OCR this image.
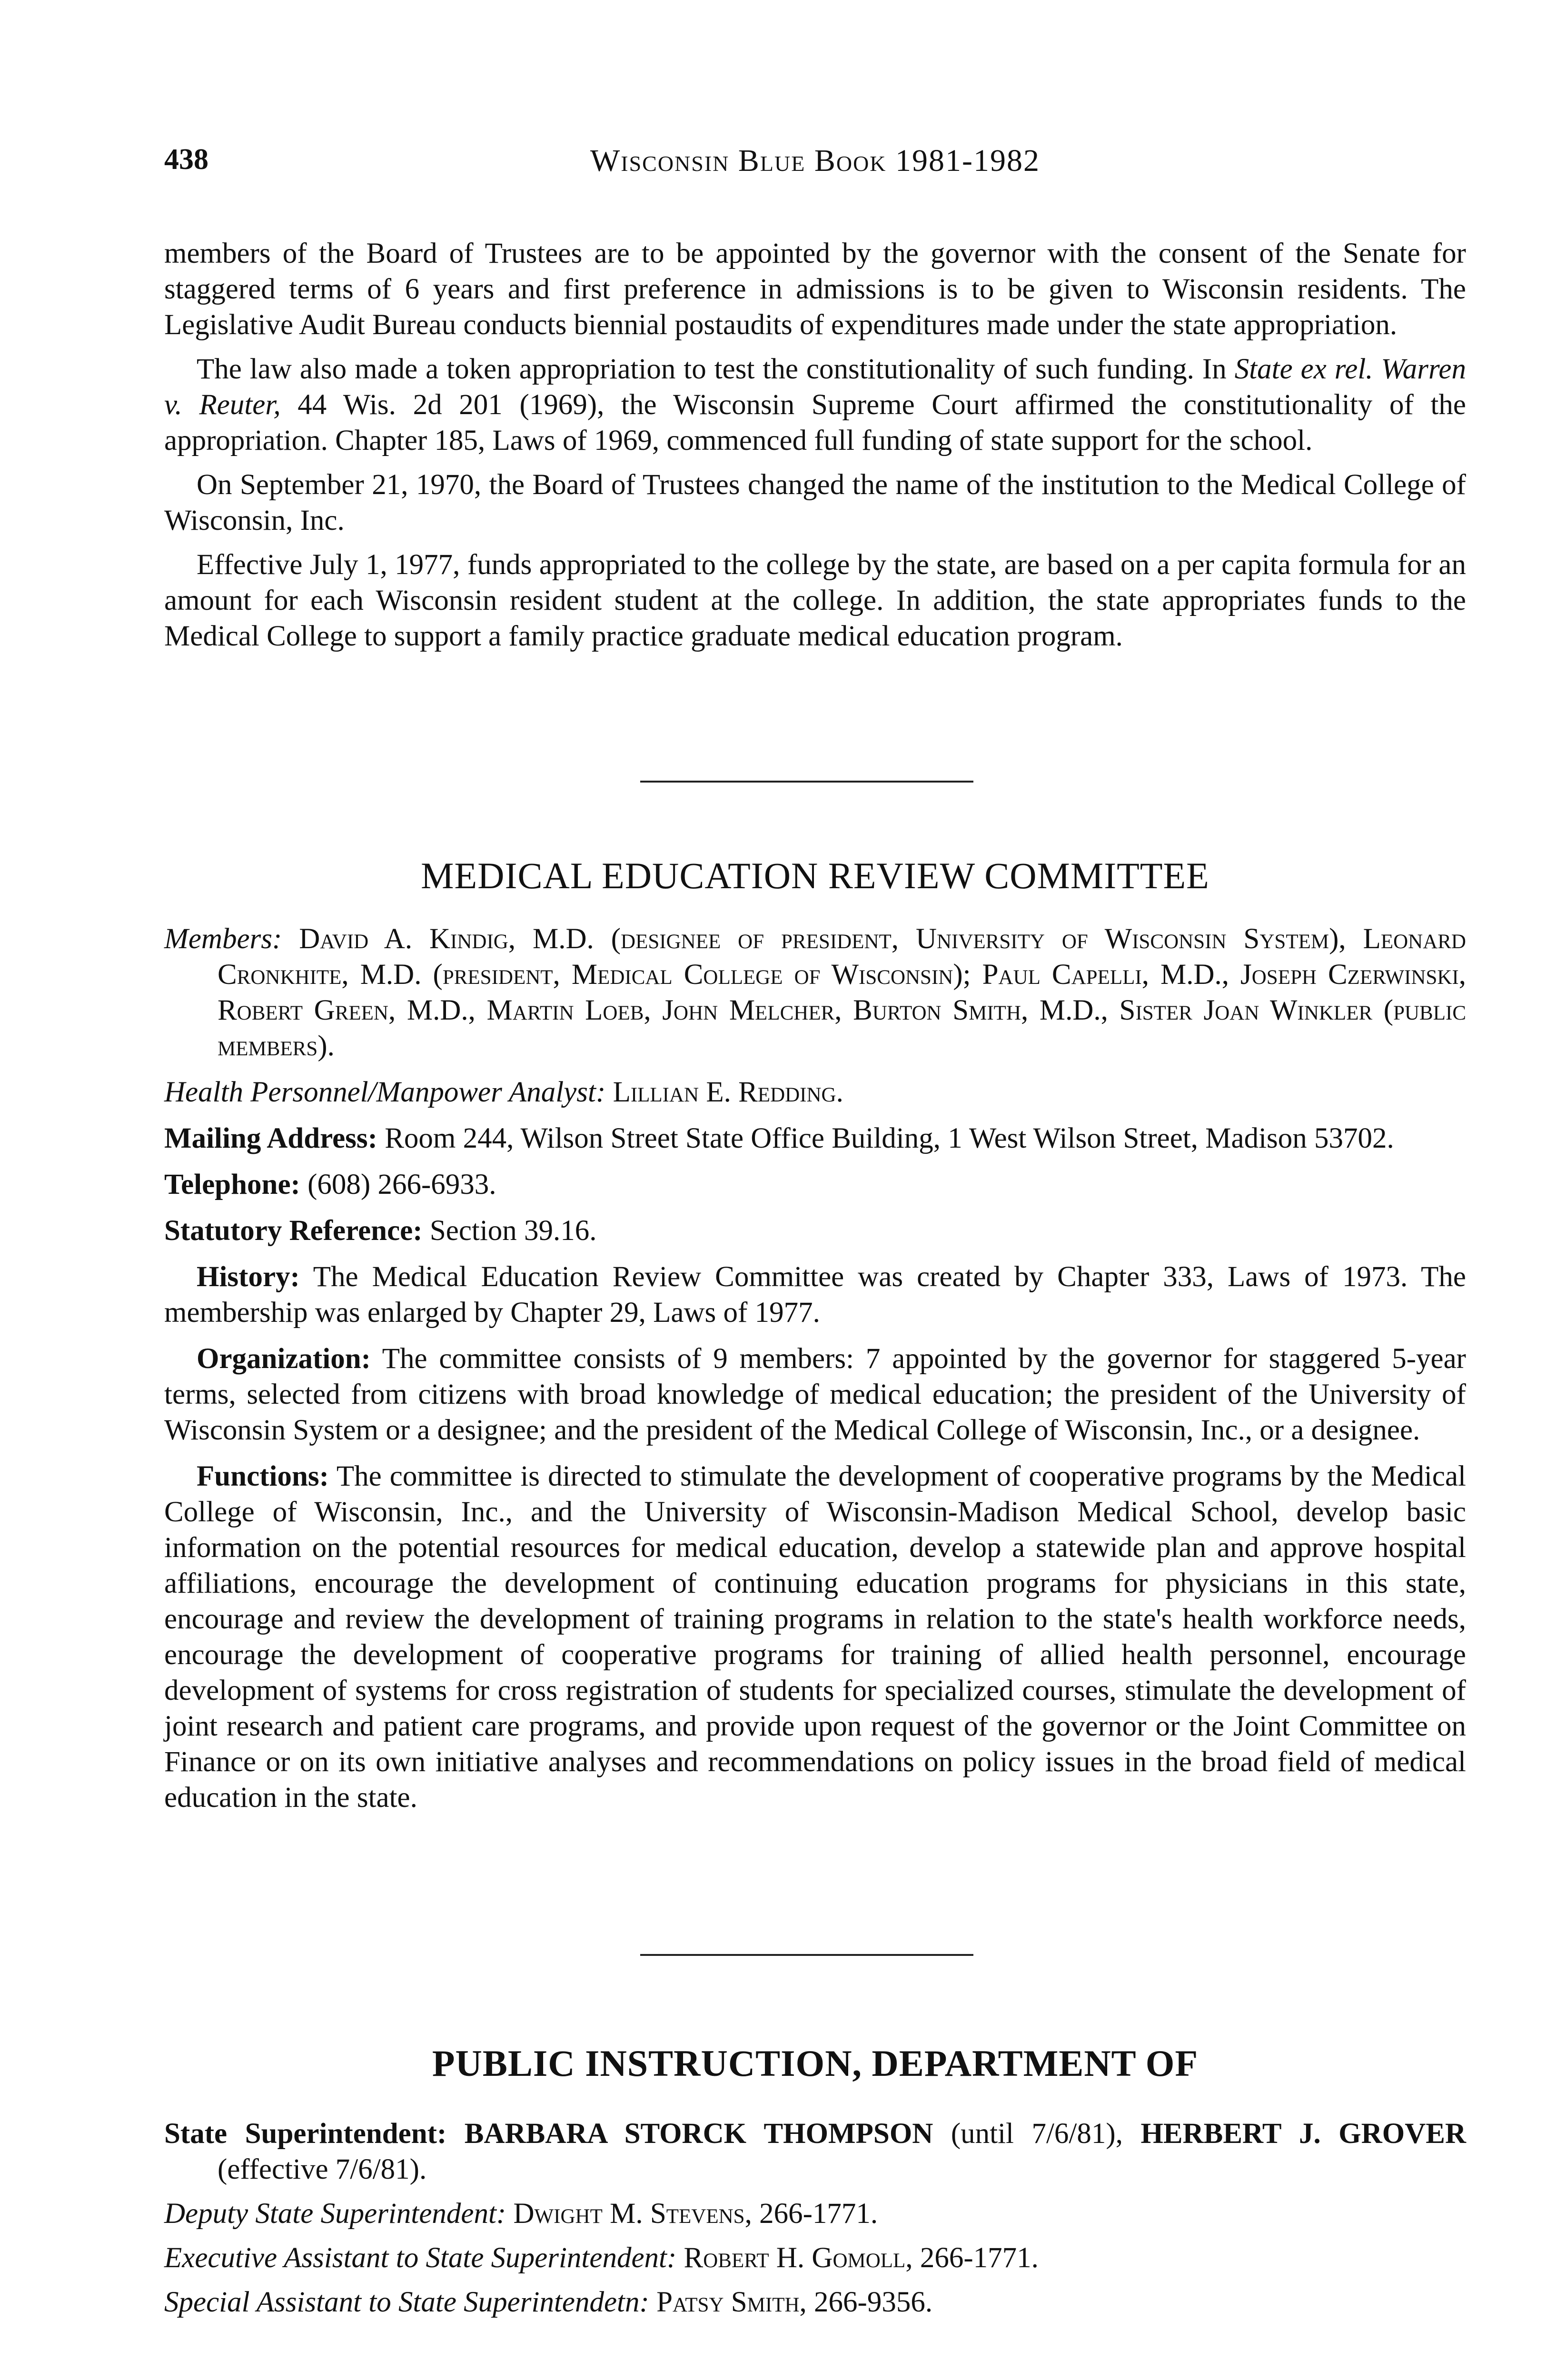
438	Wisconsin Blue Book 1981-1982

members of the Board of Trustees are to be appointed by the governor with the consent of the Senate for staggered terms of 6 years and first preference in admissions is to be given to Wisconsin residents. The Legislative Audit Bureau conducts biennial postaudits of expenditures made under the state appropriation.

The law also made a token appropriation to test the constitutionality of such funding. In State ex rel. Warren v. Reuter, 44 Wis. 2d 201 (1969), the Wisconsin Supreme Court affirmed the constitutionality of the appropriation. Chapter 185, Laws of 1969, commenced full funding of state support for the school.

On September 21, 1970, the Board of Trustees changed the name of the institution to the Medical College of Wisconsin, Inc.

Effective July 1, 1977, funds appropriated to the college by the state, are based on a per capita formula for an amount for each Wisconsin resident student at the college. In addition, the state appropriates funds to the Medical College to support a family practice graduate medical education program.

MEDICAL EDUCATION REVIEW COMMITTEE

Members: David A. Kindig, M.D. (designee of president, University of Wisconsin System), Leonard Cronkhite, M.D. (president, Medical College of Wisconsin); Paul Capelli, M.D., Joseph Czerwinski, Robert Green, M.D., Martin Loeb, John Melcher, Burton Smith, M.D., Sister Joan Winkler (public members).

Health Personnel/Manpower Analyst: Lillian E. Redding.

Mailing Address: Room 244, Wilson Street State Office Building, 1 West Wilson Street, Madison 53702.

Telephone: (608) 266-6933.

Statutory Reference: Section 39.16.

History: The Medical Education Review Committee was created by Chapter 333, Laws of 1973. The membership was enlarged by Chapter 29, Laws of 1977.

Organization: The committee consists of 9 members: 7 appointed by the governor for staggered 5-year terms, selected from citizens with broad knowledge of medical education; the president of the University of Wisconsin System or a designee; and the president of the Medical College of Wisconsin, Inc., or a designee.

Functions: The committee is directed to stimulate the development of cooperative programs by the Medical College of Wisconsin, Inc., and the University of Wisconsin-Madison Medical School, develop basic information on the potential resources for medical education, develop a statewide plan and approve hospital affiliations, encourage the development of continuing education programs for physicians in this state, encourage and review the development of training programs in relation to the state's health workforce needs, encourage the development of cooperative programs for training of allied health personnel, encourage development of systems for cross registration of students for specialized courses, stimulate the development of joint research and patient care programs, and provide upon request of the governor or the Joint Committee on Finance or on its own initiative analyses and recommendations on policy issues in the broad field of medical education in the state.

PUBLIC INSTRUCTION, DEPARTMENT OF

State Superintendent: BARBARA STORCK THOMPSON (until 7/6/81), HERBERT J. GROVER (effective 7/6/81).

Deputy State Superintendent: Dwight M. Stevens, 266-1771.

Executive Assistant to State Superintendent: Robert H. Gomoll, 266-1771.

Special Assistant to State Superintendetn: Patsy Smith, 266-9356.
